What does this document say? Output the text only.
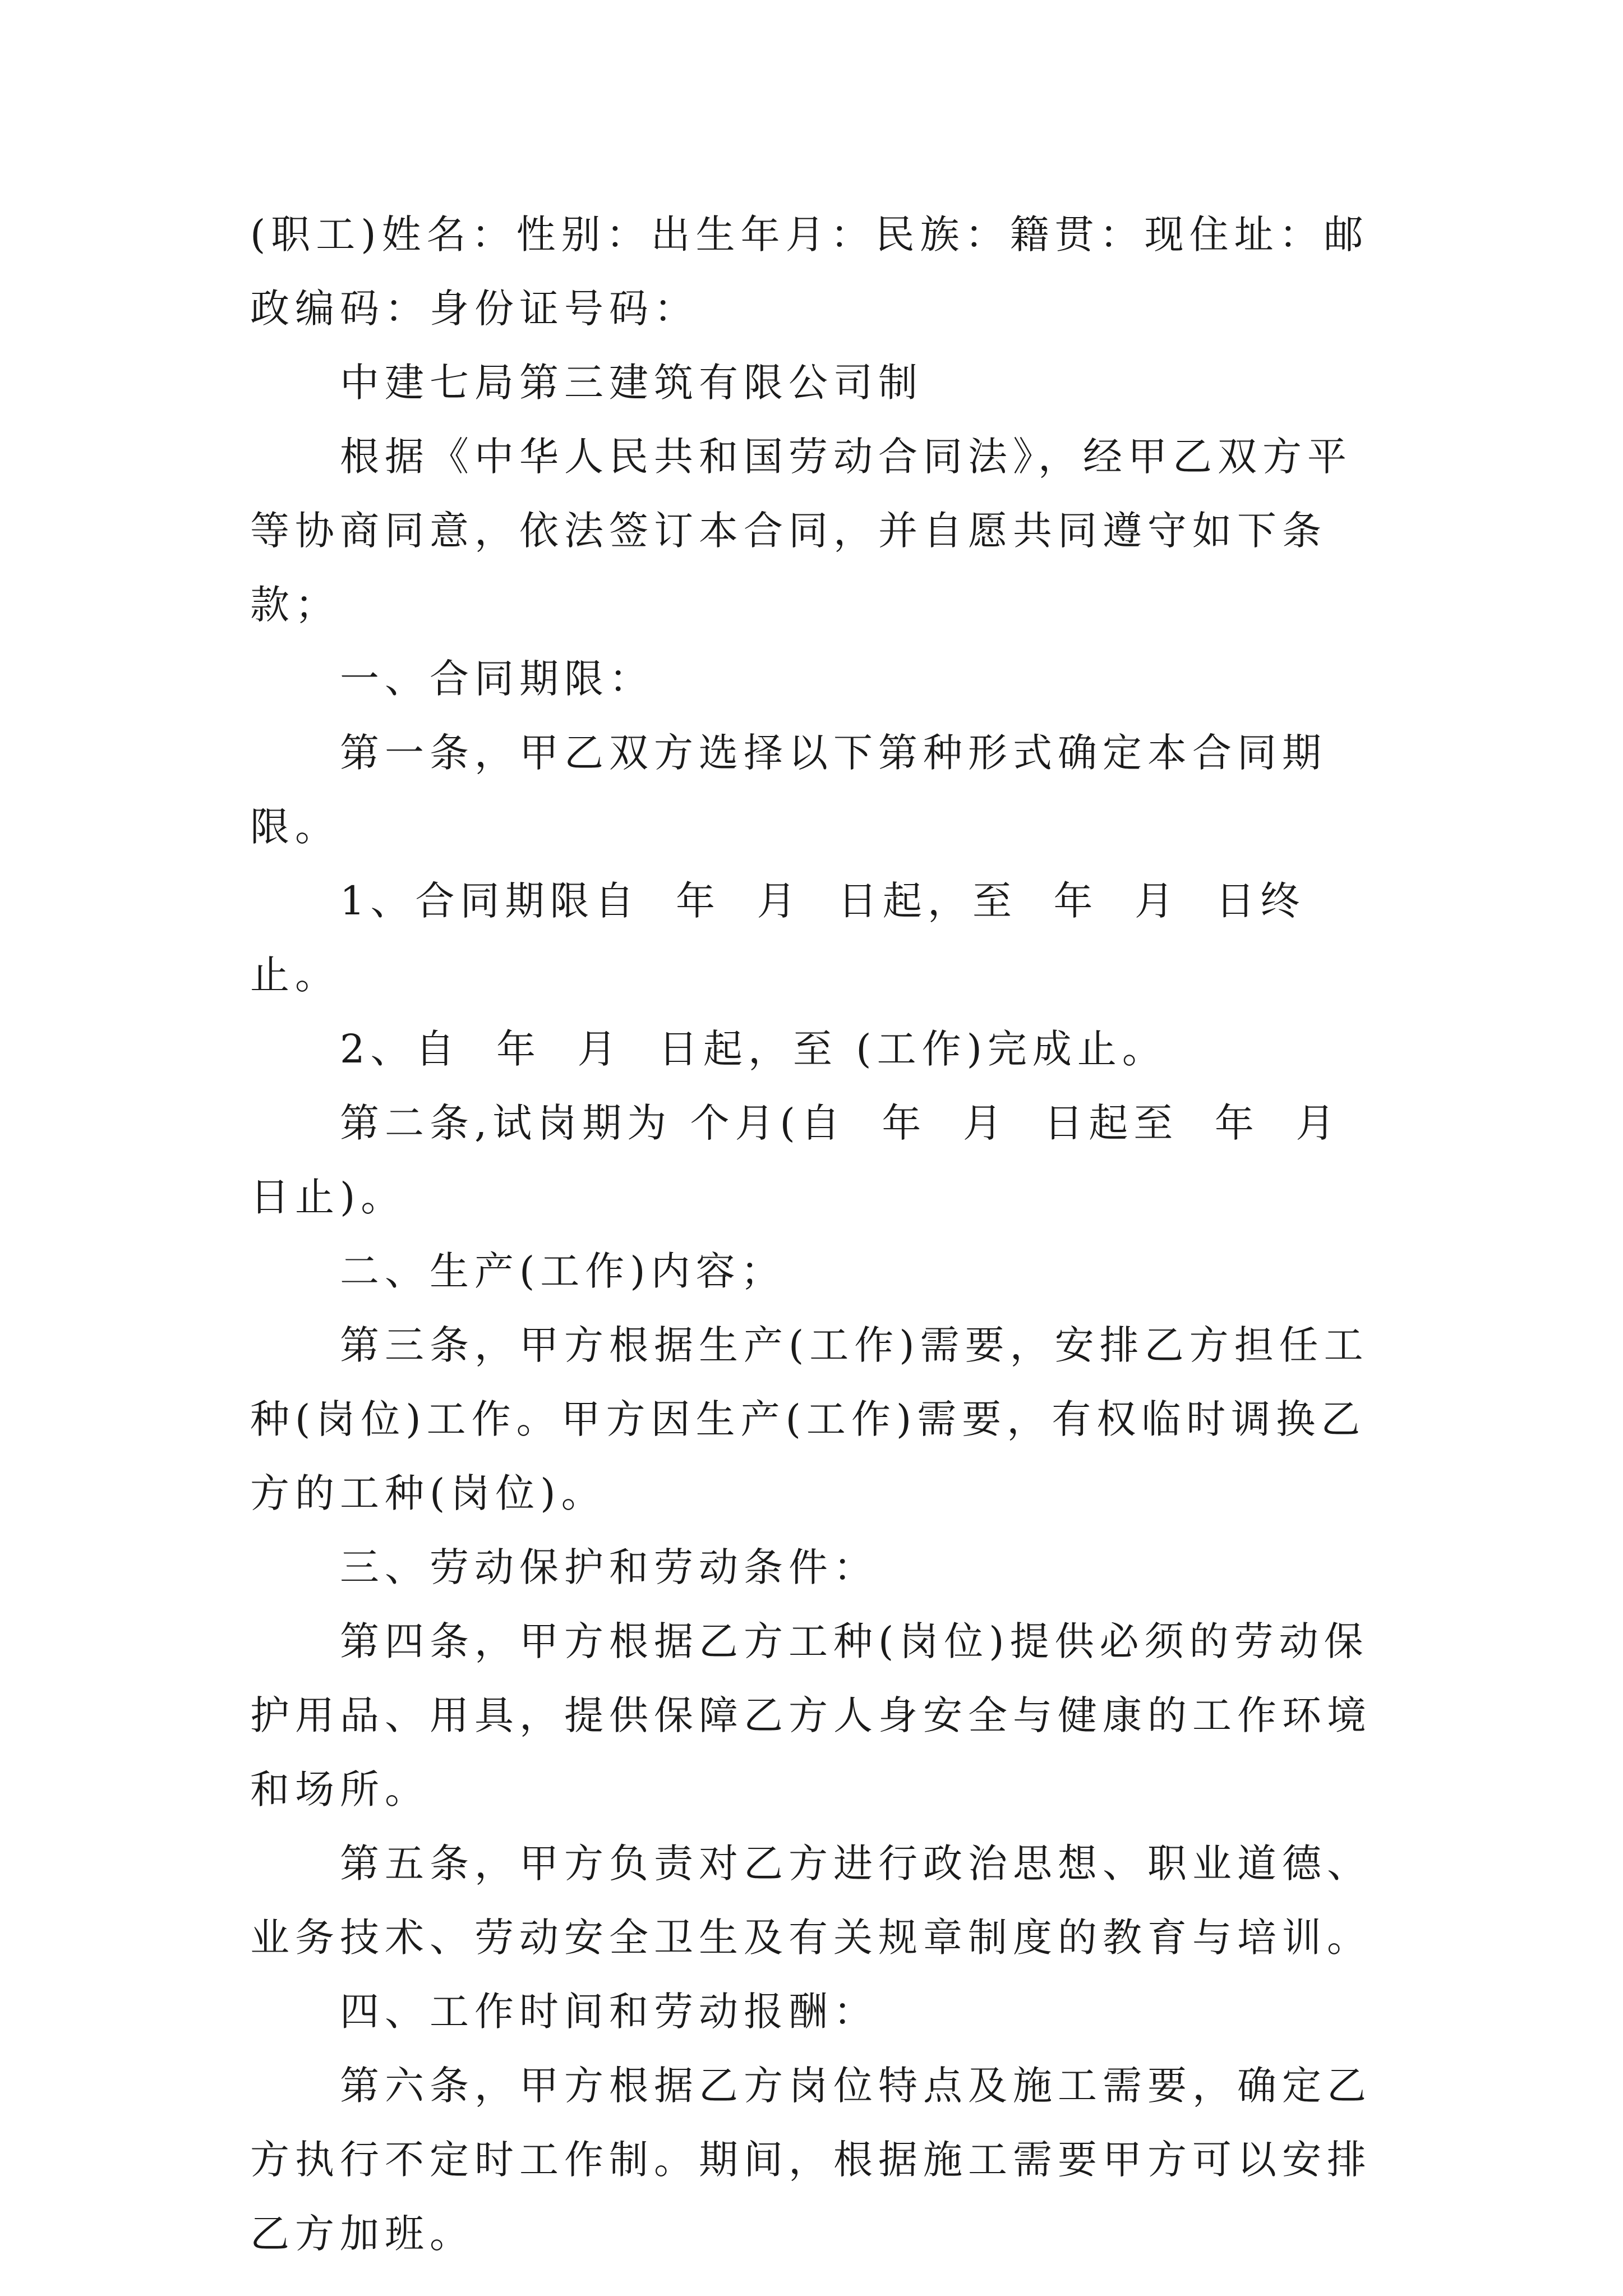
(职工)姓名：性别：出生年月：民族：籍贯：现住址：邮政编码：身份证号码：

中建七局第三建筑有限公司制

根据《中华人民共和国劳动合同法》，经甲乙双方平等协商同意，依法签订本合同，并自愿共同遵守如下条款；

一、合同期限：

第一条，甲乙双方选择以下第种形式确定本合同期限。

1、合同期限自  年  月  日起，至  年  月  日终止。

2、自  年  月  日起，至 (工作)完成止。

第二条,试岗期为 个月(自  年  月  日起至  年  月  日止)。

二、生产(工作)内容；

第三条，甲方根据生产(工作)需要，安排乙方担任工种(岗位)工作。甲方因生产(工作)需要，有权临时调换乙方的工种(岗位)。

三、劳动保护和劳动条件：

第四条，甲方根据乙方工种(岗位)提供必须的劳动保护用品、用具，提供保障乙方人身安全与健康的工作环境和场所。

第五条，甲方负责对乙方进行政治思想、职业道德、业务技术、劳动安全卫生及有关规章制度的教育与培训。

四、工作时间和劳动报酬：

第六条，甲方根据乙方岗位特点及施工需要，确定乙方执行不定时工作制。期间，根据施工需要甲方可以安排乙方加班。
